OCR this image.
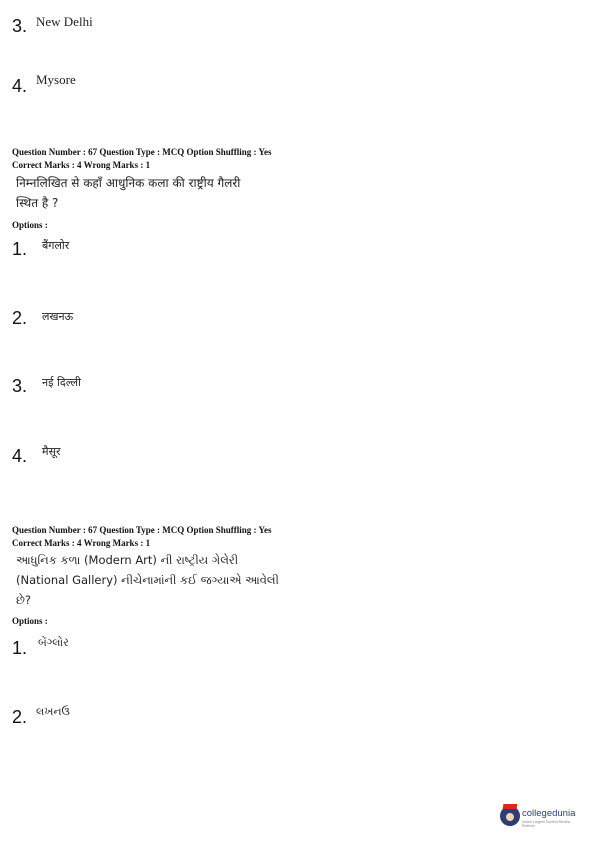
3. New Delhi
4. Mysore
Question Number : 67 Question Type : MCQ Option Shuffling : Yes
Correct Marks : 4 Wrong Marks : 1
निम्नलिखित से कहाँ आधुनिक कला की राष्ट्रीय गैलरी
स्थित है ?
Options :
1. बैंगलोर
2. लखनऊ
3. नई दिल्ली
4. मैसूर
Question Number : 67 Question Type : MCQ Option Shuffling : Yes
Correct Marks : 4 Wrong Marks : 1
આધુનિક કળા (Modern Art) ની રાષ્ટ્રીય ગેલેરી
(National Gallery) નીચેનામાંની કઈ જગ્યાએ આવેલી
છે?
Options :
1. બેંગ્લોર
2. લખનઉ
collegedunia
India's Largest Student Review Platform
